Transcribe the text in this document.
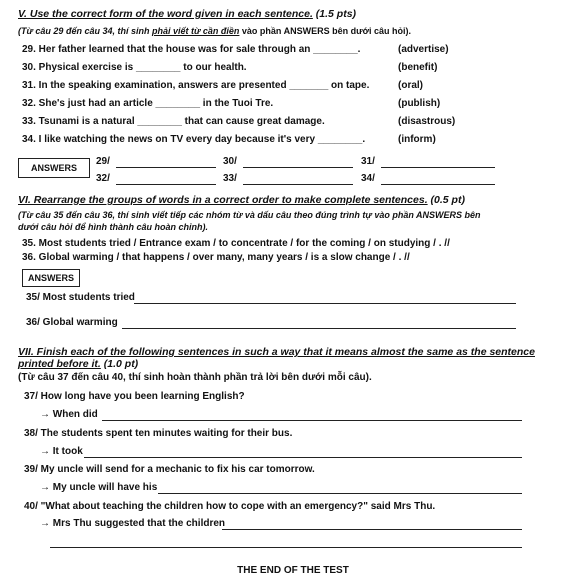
V. Use the correct form of the word given in each sentence. (1.5 pts)
(Từ câu 29 đến câu 34, thí sinh phải viết từ cần điền vào phần ANSWERS bên dưới câu hỏi).
29. Her father learned that the house was for sale through an ________.	(advertise)
30. Physical exercise is ________ to our health.	(benefit)
31. In the speaking examination, answers are presented _______ on tape.	(oral)
32. She's just had an article ________ in the Tuoi Tre.	(publish)
33. Tsunami is a natural ________ that can cause great damage.	(disastrous)
34. I like watching the news on TV every day because it's very ________.	(inform)
ANSWERS
29/	30/	31/
32/	33/	34/
VI. Rearrange the groups of words in a correct order to make complete sentences. (0.5 pt)
(Từ câu 35 đến câu 36, thí sinh viết tiếp các nhóm từ và dấu câu theo đúng trình tự vào phần ANSWERS bên
dưới câu hỏi để hình thành câu hoàn chỉnh).
35. Most students tried / Entrance exam / to concentrate / for the coming / on studying / . //
36. Global warming / that happens / over many, many years / is a slow change / . //
ANSWERS
35/ Most students tried
36/ Global warming
VII. Finish each of the following sentences in such a way that it means almost the same as the sentence
printed before it. (1.0 pt)
(Từ câu 37 đến câu 40, thí sinh hoàn thành phần trả lời bên dưới mỗi câu).
37/ How long have you been learning English?
→ When did
38/ The students spent ten minutes waiting for their bus.
→ It took
39/ My uncle will send for a mechanic to fix his car tomorrow.
→ My uncle will have his
40/ "What about teaching the children how to cope with an emergency?" said Mrs Thu.
→ Mrs Thu suggested that the children
THE END OF THE TEST
